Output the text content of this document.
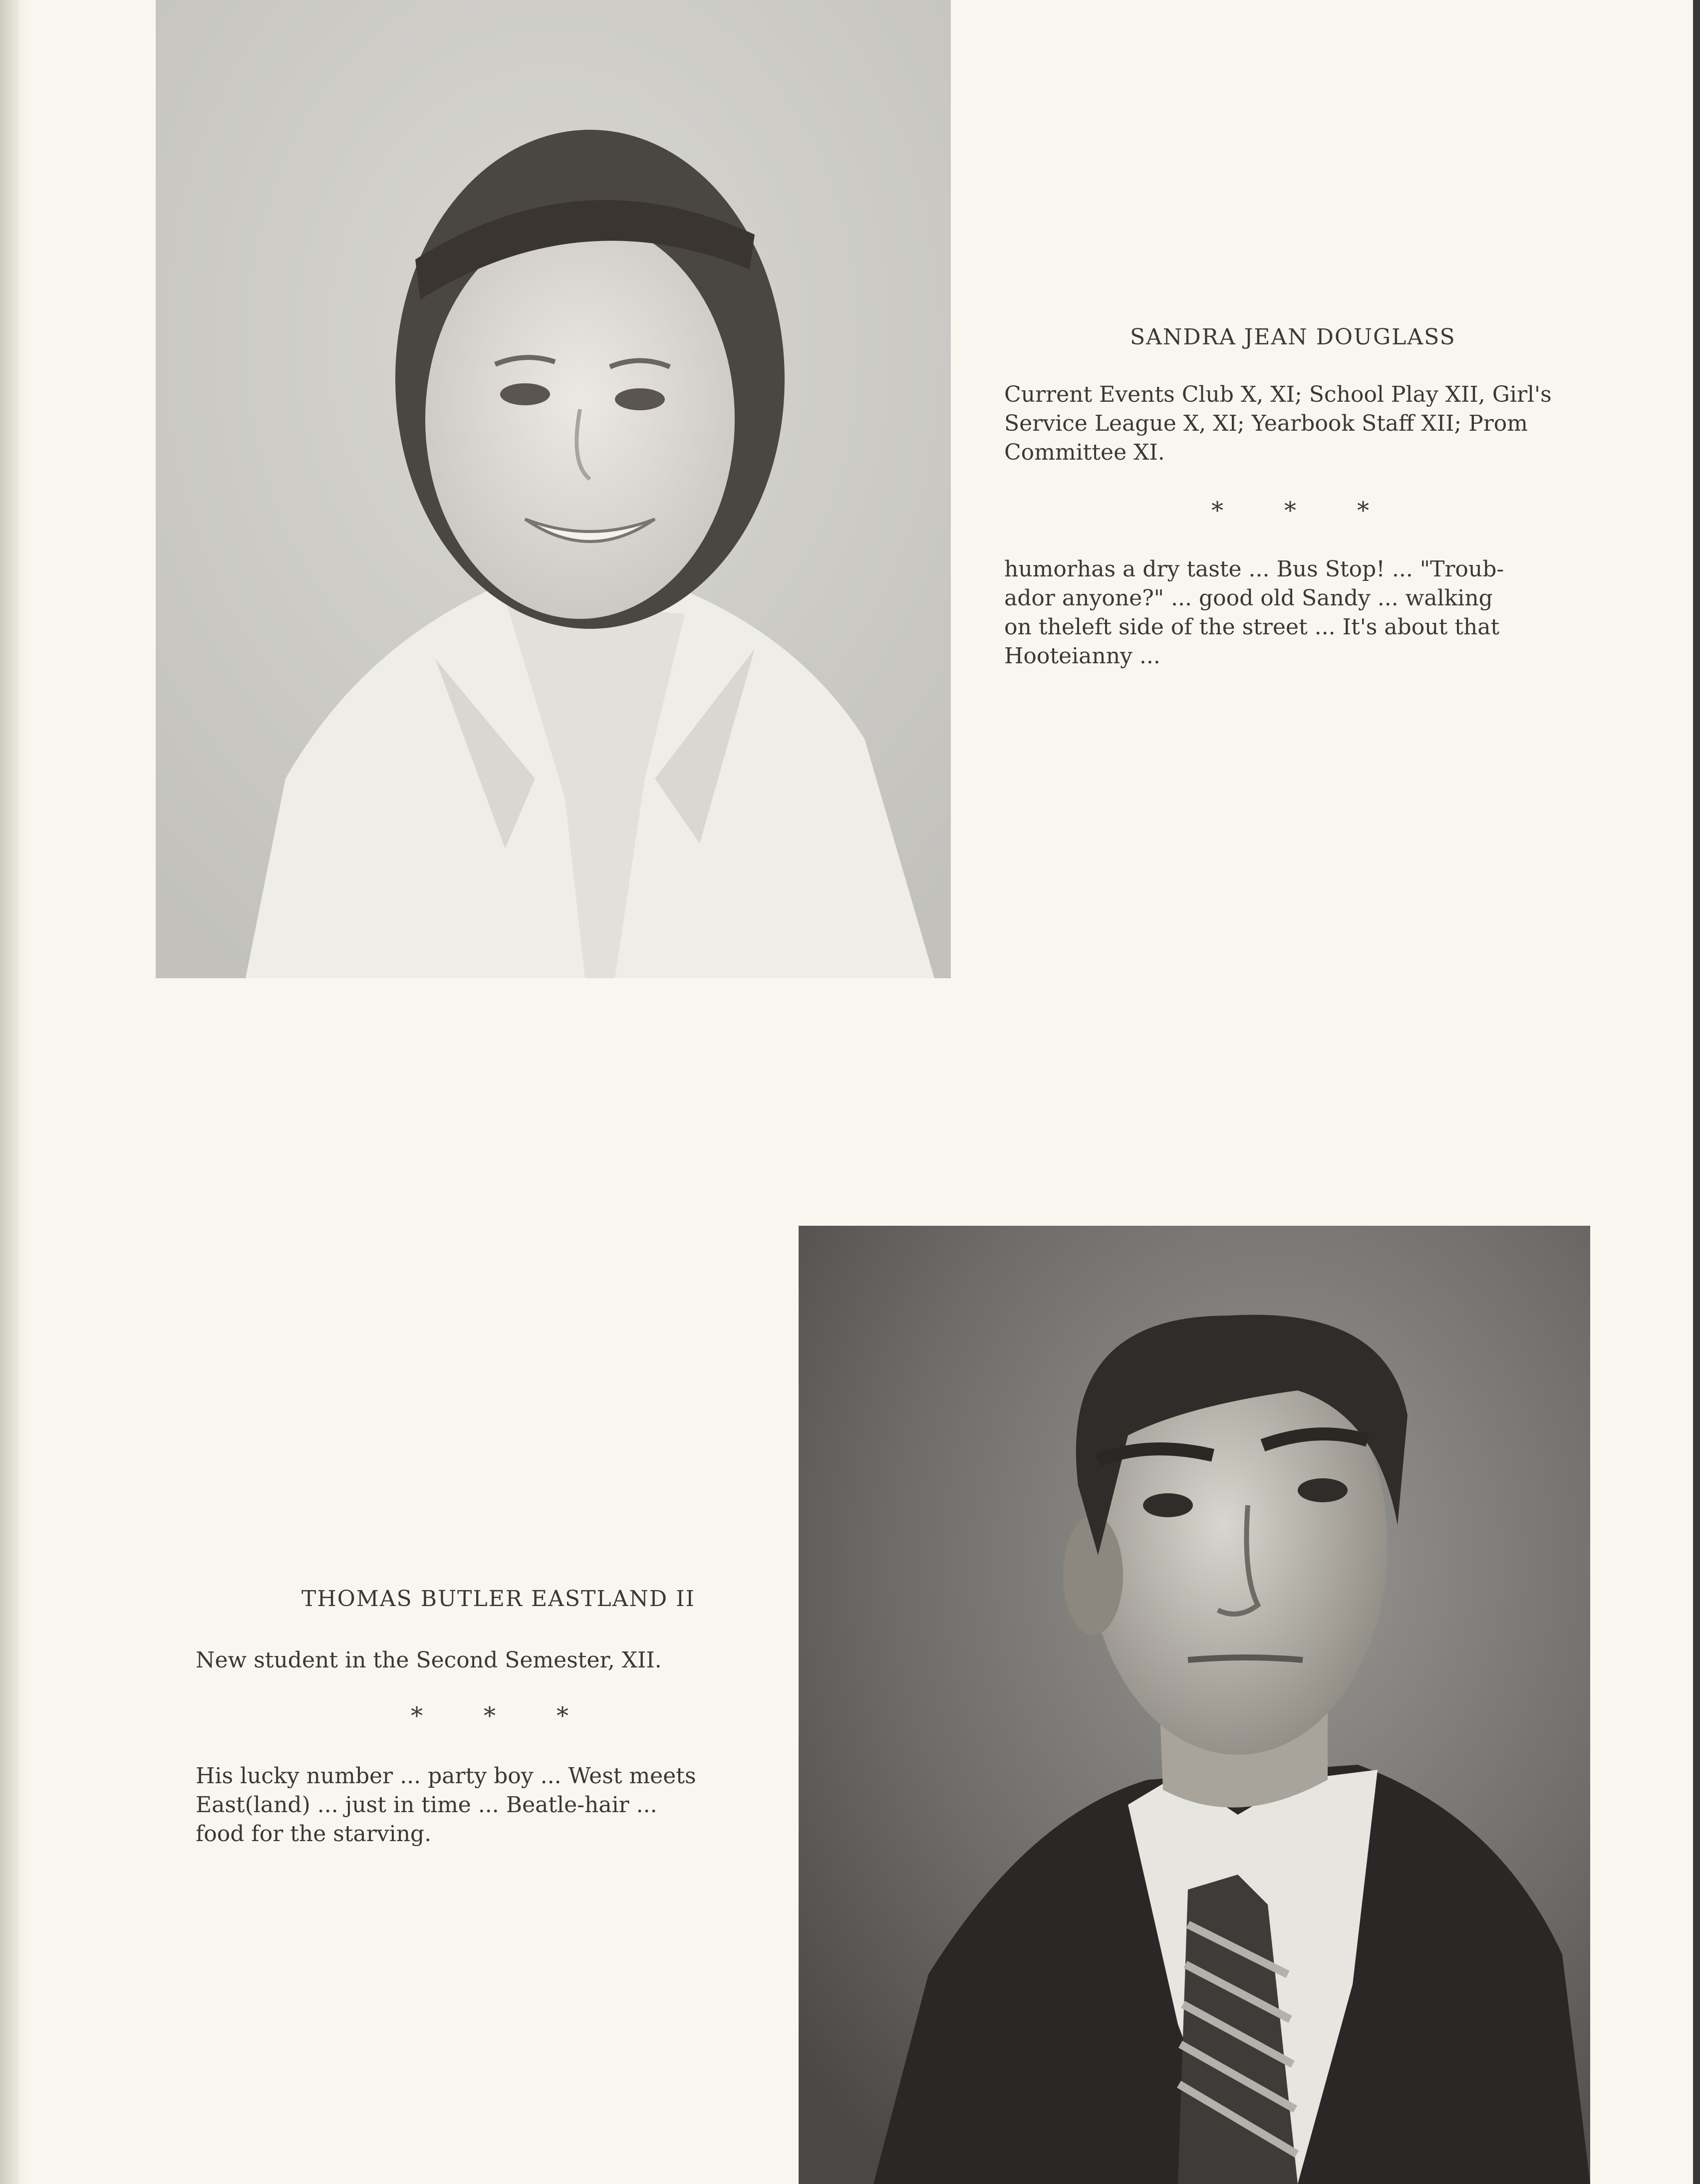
SANDRA JEAN DOUGLASS
Current Events Club X, XI; School Play XII, Girl's
Service League X, XI; Yearbook Staff XII; Prom
Committee XI.
*	*	*
humorhas a dry taste ... Bus Stop! ... "Troub-
ador anyone?" ... good old Sandy ... walking
on theleft side of the street ... It's about that
Hooteianny ...
THOMAS BUTLER EASTLAND II
New student in the Second Semester, XII.
*	*	*
His lucky number ... party boy ... West meets
East(land) ... just in time ... Beatle-hair ...
food for the starving.
